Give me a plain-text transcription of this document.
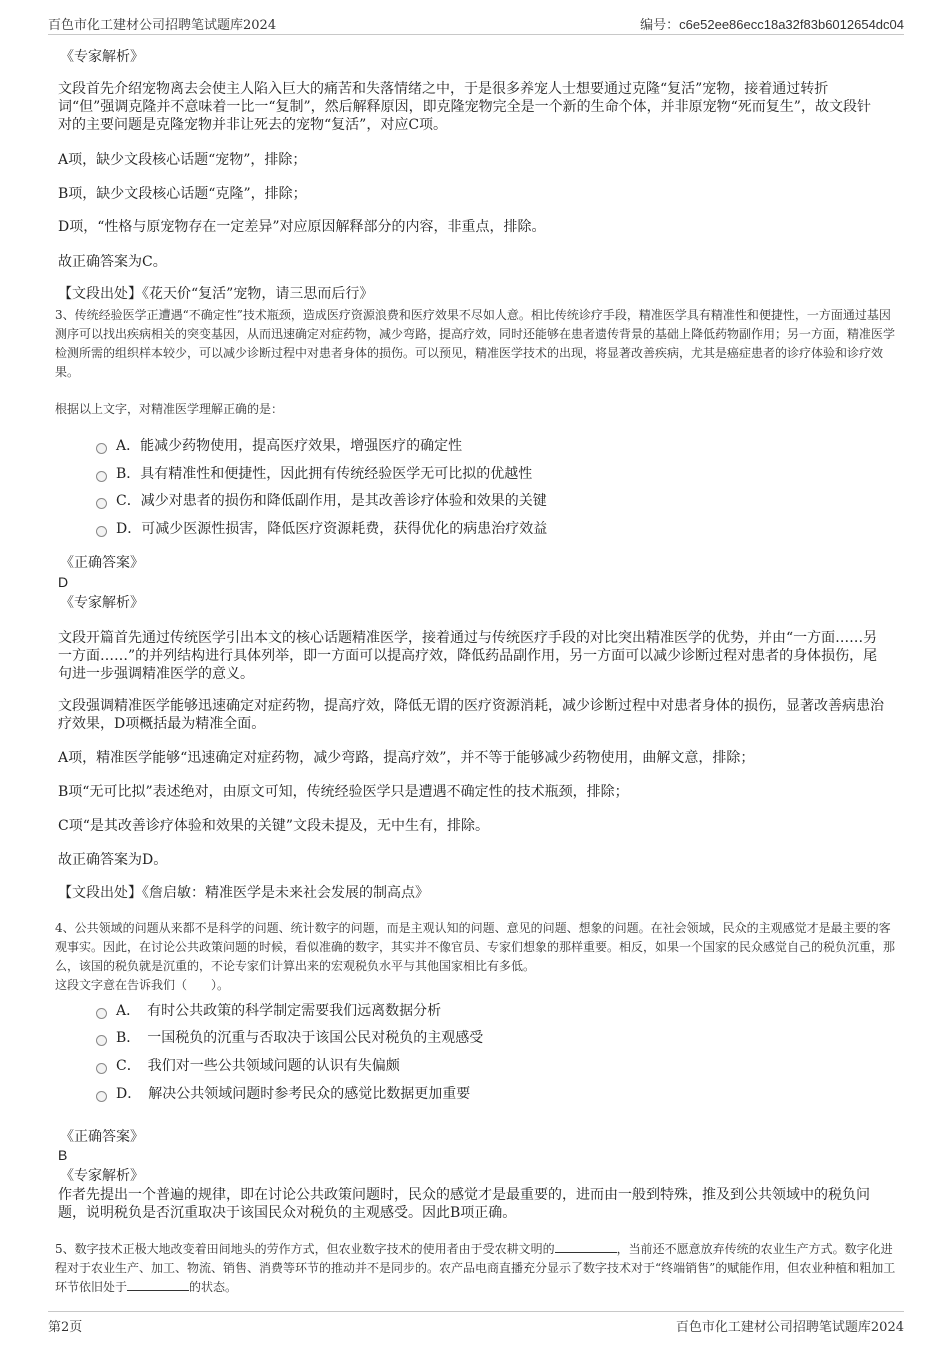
百色市化工建材公司招聘笔试题库2024	编号：c6e52ee86ecc18a32f83b6012654dc04

《专家解析》

文段首先介绍宠物离去会使主人陷入巨大的痛苦和失落情绪之中，于是很多养宠人士想要通过克隆“复活”宠物，接着通过转折词“但”强调克隆并不意味着一比一“复制”，然后解释原因，即克隆宠物完全是一个新的生命个体，并非原宠物“死而复生”，故文段针对的主要问题是克隆宠物并非让死去的宠物“复活”，对应C项。

A项，缺少文段核心话题“宠物”，排除；

B项，缺少文段核心话题“克隆”，排除；

D项，“性格与原宠物存在一定差异”对应原因解释部分的内容，非重点，排除。

故正确答案为C。

【文段出处】《花天价“复活”宠物，请三思而后行》

3、传统经验医学正遭遇“不确定性”技术瓶颈，造成医疗资源浪费和医疗效果不尽如人意。相比传统诊疗手段，精准医学具有精准性和便捷性，一方面通过基因测序可以找出疾病相关的突变基因，从而迅速确定对症药物，减少弯路，提高疗效，同时还能够在患者遗传背景的基础上降低药物副作用；另一方面，精准医学检测所需的组织样本较少，可以减少诊断过程中对患者身体的损伤。可以预见，精准医学技术的出现，将显著改善疾病，尤其是癌症患者的诊疗体验和诊疗效果。

根据以上文字，对精准医学理解正确的是：

A．能减少药物使用，提高医疗效果，增强医疗的确定性
B．具有精准性和便捷性，因此拥有传统经验医学无可比拟的优越性
C．减少对患者的损伤和降低副作用，是其改善诊疗体验和效果的关键
D．可减少医源性损害，降低医疗资源耗费，获得优化的病患治疗效益

《正确答案》

D

《专家解析》

文段开篇首先通过传统医学引出本文的核心话题精准医学，接着通过与传统医疗手段的对比突出精准医学的优势，并由“一方面……另一方面……”的并列结构进行具体列举，即一方面可以提高疗效，降低药品副作用，另一方面可以减少诊断过程对患者的身体损伤，尾句进一步强调精准医学的意义。

文段强调精准医学能够迅速确定对症药物，提高疗效，降低无谓的医疗资源消耗，减少诊断过程中对患者身体的损伤，显著改善病患治疗效果，D项概括最为精准全面。

A项，精准医学能够“迅速确定对症药物，减少弯路，提高疗效”，并不等于能够减少药物使用，曲解文意，排除；

B项“无可比拟”表述绝对，由原文可知，传统经验医学只是遭遇不确定性的技术瓶颈，排除；

C项“是其改善诊疗体验和效果的关键”文段未提及，无中生有，排除。

故正确答案为D。

【文段出处】《詹启敏：精准医学是未来社会发展的制高点》

4、公共领域的问题从来都不是科学的问题、统计数字的问题，而是主观认知的问题、意见的问题、想象的问题。在社会领域，民众的主观感觉才是最主要的客观事实。因此，在讨论公共政策问题的时候，看似准确的数字，其实并不像官员、专家们想象的那样重要。相反，如果一个国家的民众感觉自己的税负沉重，那么，该国的税负就是沉重的，不论专家们计算出来的宏观税负水平与其他国家相比有多低。

这段文字意在告诉我们（　　）。

A．　有时公共政策的科学制定需要我们远离数据分析
B．　一国税负的沉重与否取决于该国公民对税负的主观感受
C．　我们对一些公共领域问题的认识有失偏颇
D．　解决公共领域问题时参考民众的感觉比数据更加重要

《正确答案》

B

《专家解析》

作者先提出一个普遍的规律，即在讨论公共政策问题时，民众的感觉才是最重要的，进而由一般到特殊，推及到公共领域中的税负问题，说明税负是否沉重取决于该国民众对税负的主观感受。因此B项正确。

5、数字技术正极大地改变着田间地头的劳作方式，但农业数字技术的使用者由于受农耕文明的	，当前还不愿意放弃传统的农业生产方式。数字化进程对于农业生产、加工、物流、销售、消费等环节的推动并不是同步的。农产品电商直播充分显示了数字技术对于“终端销售”的赋能作用，但农业种植和粗加工环节依旧处于	的状态。

第2页	百色市化工建材公司招聘笔试题库2024
